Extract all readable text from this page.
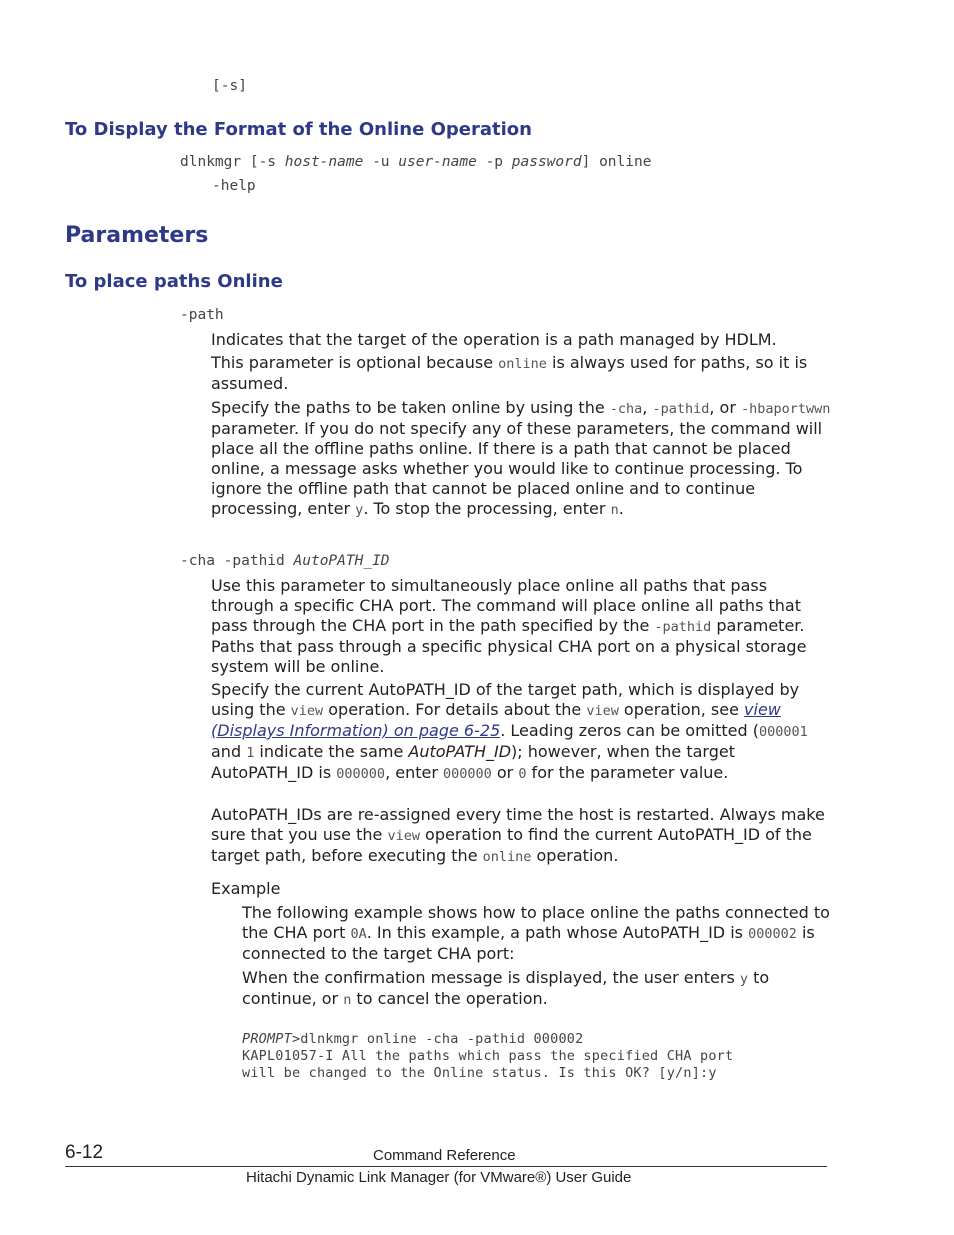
[-s]
To Display the Format of the Online Operation
dlnkmgr [-s host-name -u user-name -p password] online
-help
Parameters
To place paths Online
-path
Indicates that the target of the operation is a path managed by HDLM.
This parameter is optional because online is always used for paths, so it is assumed.
Specify the paths to be taken online by using the -cha, -pathid, or -hbaportwwn parameter. If you do not specify any of these parameters, the command will place all the offline paths online. If there is a path that cannot be placed online, a message asks whether you would like to continue processing. To ignore the offline path that cannot be placed online and to continue processing, enter y. To stop the processing, enter n.
-cha -pathid AutoPATH_ID
Use this parameter to simultaneously place online all paths that pass through a specific CHA port. The command will place online all paths that pass through the CHA port in the path specified by the -pathid parameter. Paths that pass through a specific physical CHA port on a physical storage system will be online.
Specify the current AutoPATH_ID of the target path, which is displayed by using the view operation. For details about the view operation, see view (Displays Information) on page 6-25. Leading zeros can be omitted (000001 and 1 indicate the same AutoPATH_ID); however, when the target AutoPATH_ID is 000000, enter 000000 or 0 for the parameter value.
AutoPATH_IDs are re-assigned every time the host is restarted. Always make sure that you use the view operation to find the current AutoPATH_ID of the target path, before executing the online operation.
Example
The following example shows how to place online the paths connected to the CHA port 0A. In this example, a path whose AutoPATH_ID is 000002 is connected to the target CHA port:
When the confirmation message is displayed, the user enters y to continue, or n to cancel the operation.
PROMPT>dlnkmgr online -cha -pathid 000002
KAPL01057-I All the paths which pass the specified CHA port
will be changed to the Online status. Is this OK? [y/n]:y
6-12	Command Reference
Hitachi Dynamic Link Manager (for VMware®) User Guide
